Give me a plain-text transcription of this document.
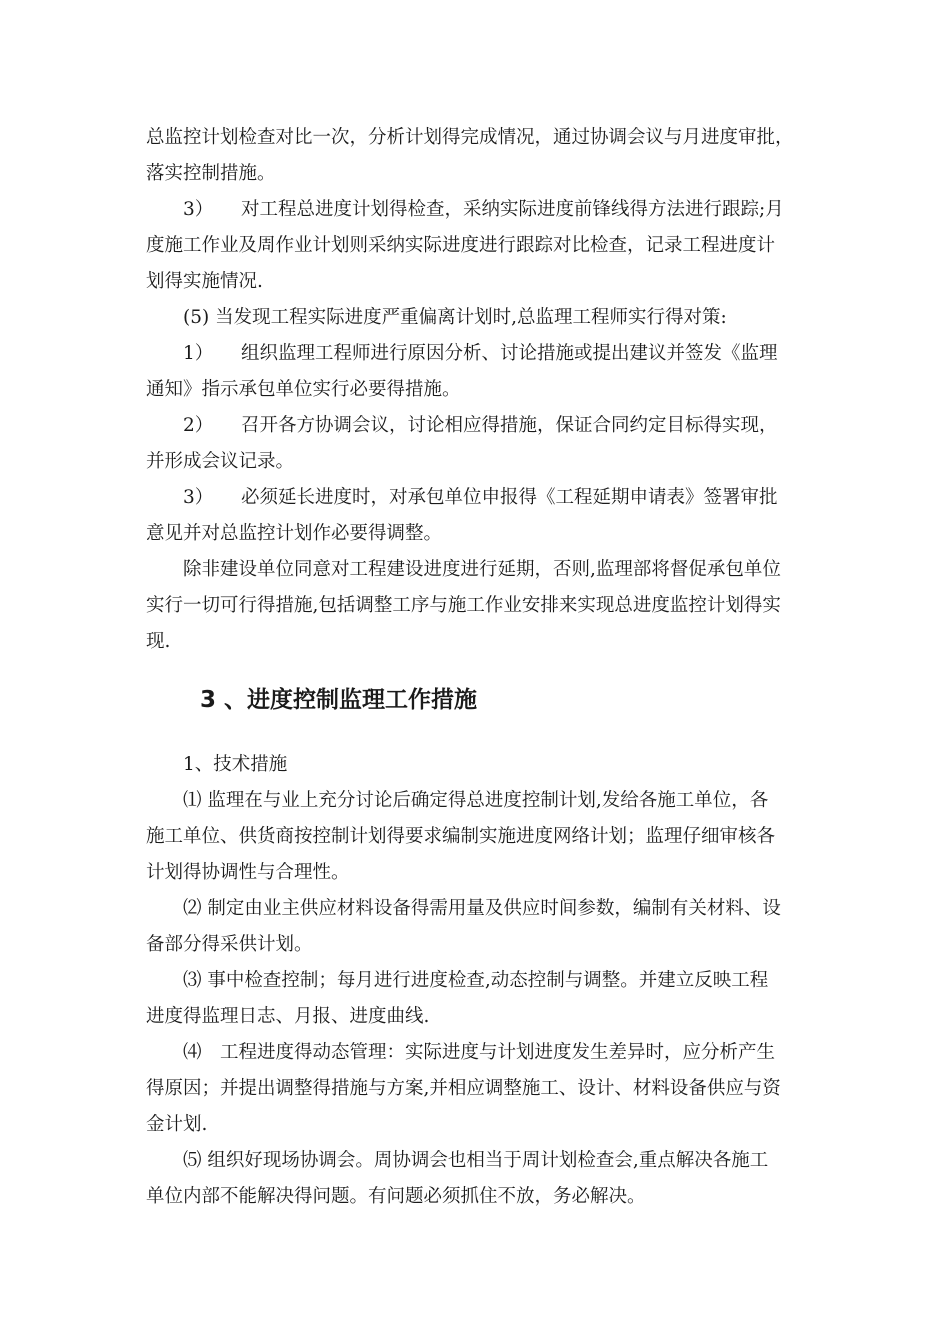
总监控计划检查对比一次，分析计划得完成情况，通过协调会议与月进度审批，
落实控制措施。
3）　　对工程总进度计划得检查，采纳实际进度前锋线得方法进行跟踪;月
度施工作业及周作业计划则采纳实际进度进行跟踪对比检查，记录工程进度计
划得实施情况.
(5) 当发现工程实际进度严重偏离计划时,总监理工程师实行得对策:
1）　　组织监理工程师进行原因分析、讨论措施或提出建议并签发《监理
通知》指示承包单位实行必要得措施。
2）　　召开各方协调会议，讨论相应得措施，保证合同约定目标得实现，
并形成会议记录。
3）　　必须延长进度时，对承包单位申报得《工程延期申请表》签署审批
意见并对总监控计划作必要得调整。
除非建设单位同意对工程建设进度进行延期，否则,监理部将督促承包单位
实行一切可行得措施,包括调整工序与施工作业安排来实现总进度监控计划得实
现.
3 、进度控制监理工作措施
1、技术措施
⑴ 监理在与业上充分讨论后确定得总进度控制计划,发给各施工单位，各
施工单位、供货商按控制计划得要求编制实施进度网络计划；监理仔细审核各
计划得协调性与合理性。
⑵ 制定由业主供应材料设备得需用量及供应时间参数，编制有关材料、设
备部分得采供计划。
⑶ 事中检查控制；每月进行进度检查,动态控制与调整。并建立反映工程
进度得监理日志、月报、进度曲线.
⑷　工程进度得动态管理：实际进度与计划进度发生差异时，应分析产生
得原因；并提出调整得措施与方案,并相应调整施工、设计、材料设备供应与资
金计划.
⑸ 组织好现场协调会。周协调会也相当于周计划检查会,重点解决各施工
单位内部不能解决得问题。有问题必须抓住不放，务必解决。
